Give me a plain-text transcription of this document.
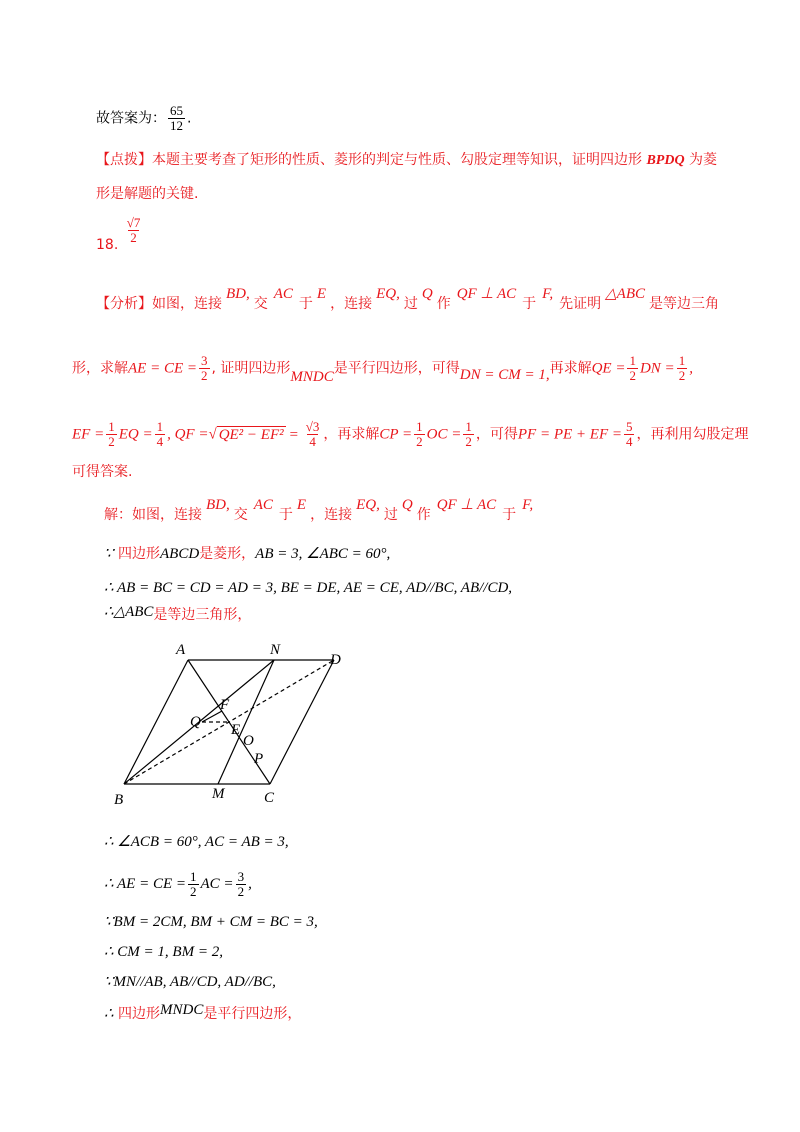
故答案为： $\frac{65}{12}$ .
【点拨】本题主要考查了矩形的性质、菱形的判定与性质、勾股定理等知识，证明四边形 BPDQ 为菱
形是解题的关键.
18. $\frac{√7}{2}$
【分析】如图，连接BD,交AC于E，连接EQ,过Q作QF ⊥ AC于F,先证明△ABC是等边三角
形，求解AE = CE = $\frac{3}{2}$ , 证明四边形MNDC是平行四边形，可得DN = CM = 1,再求解QE = $\frac{1}{2}$ DN = $\frac{1}{2}$ ,
EF = $\frac{1}{2}$ EQ = $\frac{1}{4}$ , QF =√ $QE^2 - EF^2 = \frac{√3}{4}$ ，再求解CP = $\frac{1}{2}$ OC = $\frac{1}{2}$ ，可得PF = PE + EF = $\frac{5}{4}$ ，再利用勾股定理
可得答案.
解：如图，连接BD,交AC于E，连接EQ,过Q作QF ⊥ AC于F,
∵ 四边形ABCD是菱形，AB = 3, ∠ABC = 60°,
∴ AB = BC = CD = AD = 3, BE = DE, AE = CE, AD//BC, AB//CD,
∴△ABC是等边三角形，
A	N
D
Q
F
E
O
P
B	M	C
∴ ∠ACB = 60°, AC = AB = 3,
∴ AE = CE = $\frac{1}{2}$ AC = $\frac{3}{2}$ ,
∵BM = 2CM, BM + CM = BC = 3,
∴ CM = 1, BM = 2,
∵MN//AB, AB//CD, AD//BC,
∴ 四边形MNDC是平行四边形，
